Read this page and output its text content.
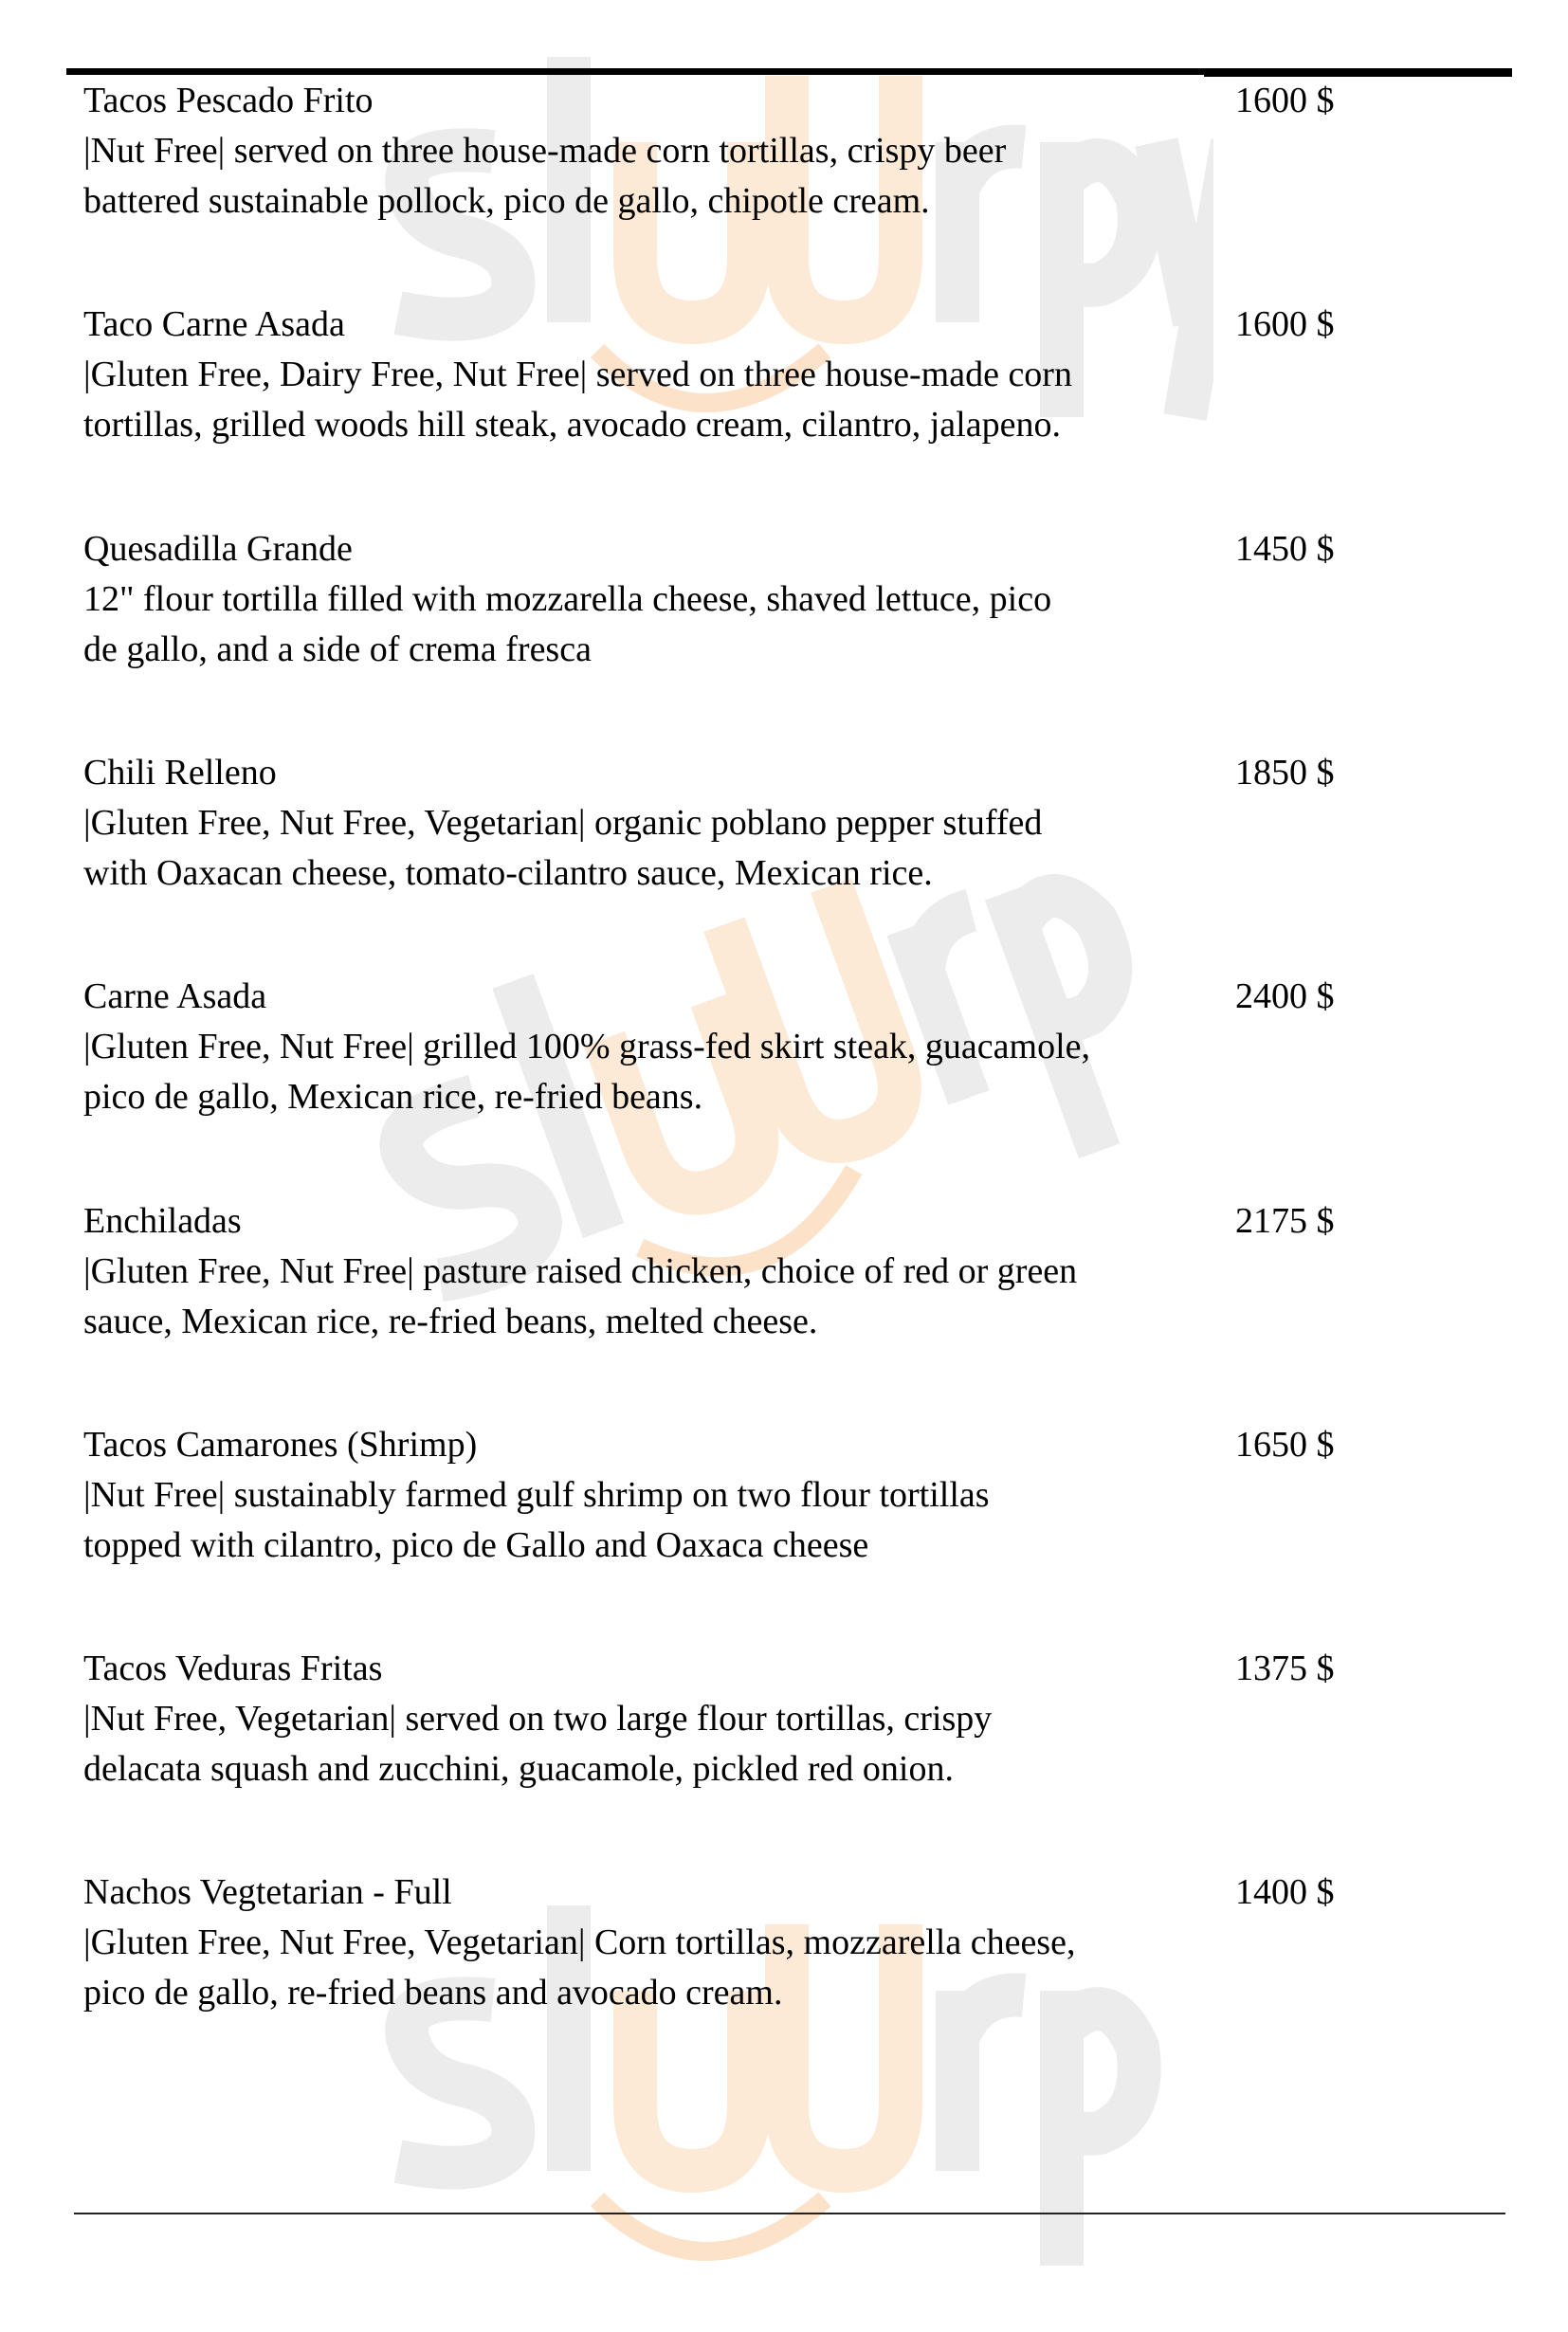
Tacos Pescado Frito
|Nut Free| served on three house-made corn tortillas, crispy beer
battered sustainable pollock, pico de gallo, chipotle cream.
1600 $
Taco Carne Asada
|Gluten Free, Dairy Free, Nut Free| served on three house-made corn
tortillas, grilled woods hill steak, avocado cream, cilantro, jalapeno.
1600 $
Quesadilla Grande
12" flour tortilla filled with mozzarella cheese, shaved lettuce, pico
de gallo, and a side of crema fresca
1450 $
Chili Relleno
|Gluten Free, Nut Free, Vegetarian| organic poblano pepper stuffed
with Oaxacan cheese, tomato-cilantro sauce, Mexican rice.
1850 $
Carne Asada
|Gluten Free, Nut Free| grilled 100% grass-fed skirt steak, guacamole,
pico de gallo, Mexican rice, re-fried beans.
2400 $
Enchiladas
|Gluten Free, Nut Free| pasture raised chicken, choice of red or green
sauce, Mexican rice, re-fried beans, melted cheese.
2175 $
Tacos Camarones (Shrimp)
|Nut Free| sustainably farmed gulf shrimp on two flour tortillas
topped with cilantro, pico de Gallo and Oaxaca cheese
1650 $
Tacos Veduras Fritas
|Nut Free, Vegetarian| served on two large flour tortillas, crispy
delacata squash and zucchini, guacamole, pickled red onion.
1375 $
Nachos Vegtetarian - Full
|Gluten Free, Nut Free, Vegetarian| Corn tortillas, mozzarella cheese,
pico de gallo, re-fried beans and avocado cream.
1400 $
